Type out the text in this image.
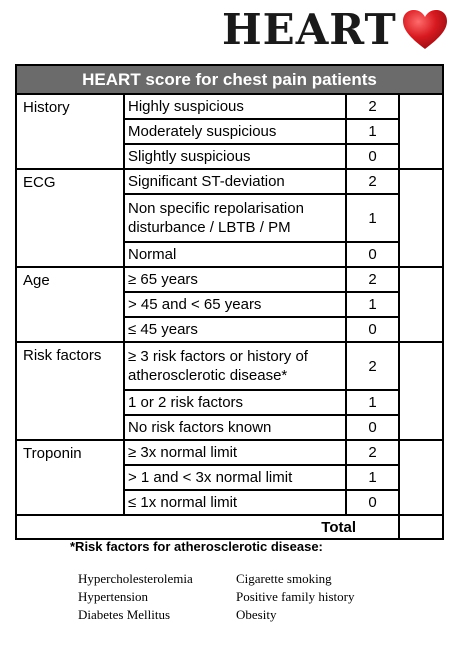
HEART
HEART score for chest pain patients			
History	Highly suspicious	2	
	Moderately suspicious	1	
	Slightly suspicious	0	
ECG	Significant ST-deviation	2	
	Non specific repolarisation disturbance / LBTB / PM	1	
	Normal	0	
Age	≥ 65 years	2	
	> 45 and < 65 years	1	
	≤ 45 years	0	
Risk factors	≥ 3 risk factors or history of atherosclerotic disease*	2	
	1 or 2 risk factors	1	
	No risk factors known	0	
Troponin	≥ 3x normal limit	2	
	> 1 and < 3x normal limit	1	
	≤ 1x normal limit	0	
Total			
*Risk factors for atherosclerotic disease:
Hypercholesterolemia	Cigarette smoking
Hypertension	Positive family history
Diabetes Mellitus	Obesity
